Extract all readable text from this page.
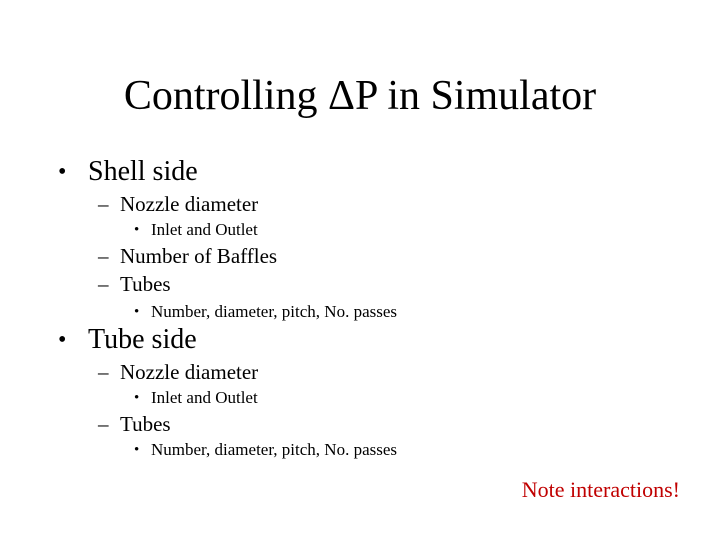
Controlling ΔP in Simulator
• Shell side
– Nozzle diameter
• Inlet and Outlet
– Number of Baffles
– Tubes
• Number, diameter, pitch, No. passes
• Tube side
– Nozzle diameter
• Inlet and Outlet
– Tubes
• Number, diameter, pitch, No. passes
Note interactions!
